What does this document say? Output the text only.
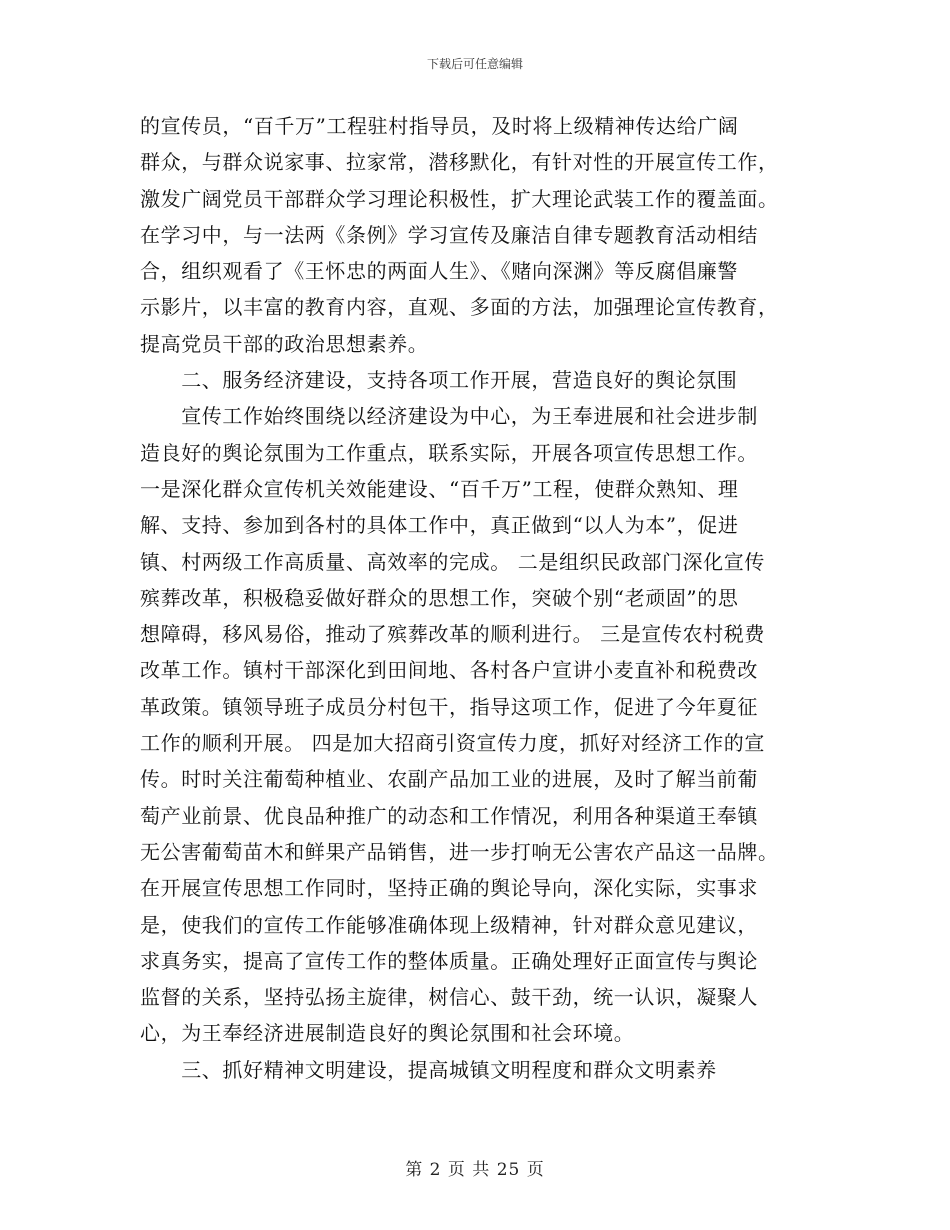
下载后可任意编辑
的宣传员，“百千万”工程驻村指导员，及时将上级精神传达给广阔
群众，与群众说家事、拉家常，潜移默化，有针对性的开展宣传工作，
激发广阔党员干部群众学习理论积极性，扩大理论武装工作的覆盖面。
在学习中，与一法两《条例》学习宣传及廉洁自律专题教育活动相结
合，组织观看了《王怀忠的两面人生》、《赌向深渊》等反腐倡廉警
示影片，以丰富的教育内容，直观、多面的方法，加强理论宣传教育，
提高党员干部的政治思想素养。
　　二、服务经济建设，支持各项工作开展，营造良好的舆论氛围
　　宣传工作始终围绕以经济建设为中心，为王奉进展和社会进步制
造良好的舆论氛围为工作重点，联系实际，开展各项宣传思想工作。
一是深化群众宣传机关效能建设、“百千万”工程，使群众熟知、理
解、支持、参加到各村的具体工作中，真正做到“以人为本”，促进
镇、村两级工作高质量、高效率的完成。 二是组织民政部门深化宣传
殡葬改革，积极稳妥做好群众的思想工作，突破个别“老顽固”的思
想障碍，移风易俗，推动了殡葬改革的顺利进行。 三是宣传农村税费
改革工作。镇村干部深化到田间地、各村各户宣讲小麦直补和税费改
革政策。镇领导班子成员分村包干，指导这项工作，促进了今年夏征
工作的顺利开展。 四是加大招商引资宣传力度，抓好对经济工作的宣
传。时时关注葡萄种植业、农副产品加工业的进展，及时了解当前葡
萄产业前景、优良品种推广的动态和工作情况，利用各种渠道王奉镇
无公害葡萄苗木和鲜果产品销售，进一步打响无公害农产品这一品牌。
在开展宣传思想工作同时，坚持正确的舆论导向，深化实际，实事求
是，使我们的宣传工作能够准确体现上级精神，针对群众意见建议，
求真务实，提高了宣传工作的整体质量。正确处理好正面宣传与舆论
监督的关系，坚持弘扬主旋律，树信心、鼓干劲，统一认识，凝聚人
心，为王奉经济进展制造良好的舆论氛围和社会环境。
　　三、抓好精神文明建设，提高城镇文明程度和群众文明素养
第 2 页 共 25 页
